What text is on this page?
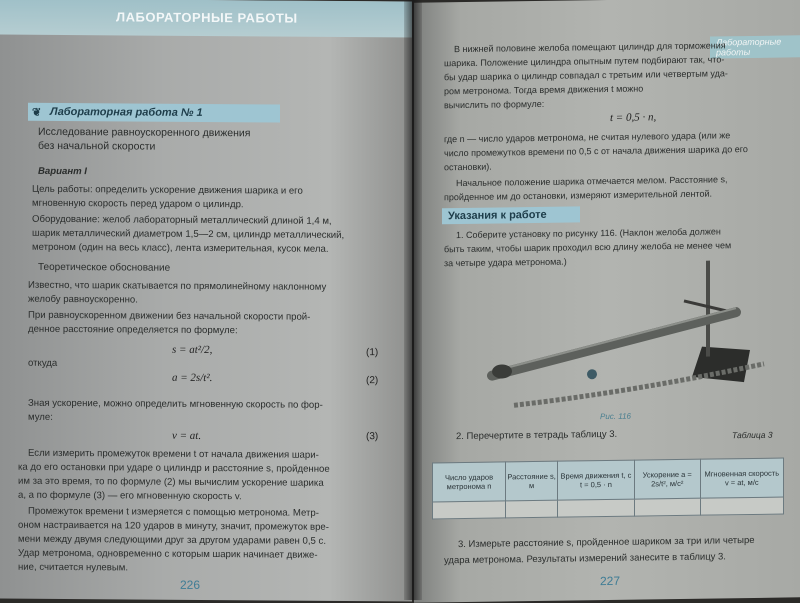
ЛАБОРАТОРНЫЕ РАБОТЫ
❦ Лабораторная работа № 1
Исследование равноускоренного движения
без начальной скорости
Вариант I
Цель работы: определить ускорение движения шарика и его
мгновенную скорость перед ударом о цилиндр.
Оборудование: желоб лабораторный металлический длиной 1,4 м,
шарик металлический диаметром 1,5—2 см, цилиндр металлический,
метроном (один на весь класс), лента измерительная, кусок мела.
Теоретическое обоснование
Известно, что шарик скатывается по прямолинейному наклонному
желобу равноускоренно.
При равноускоренном движении без начальной скорости прой-
денное расстояние определяется по формуле:
s = at²/2,	(1)
откуда
a = 2s/t².	(2)
Зная ускорение, можно определить мгновенную скорость по фор-
муле:
v = at.	(3)
Если измерить промежуток времени t от начала движения шари-
ка до его остановки при ударе о цилиндр и расстояние s, пройденное
им за это время, то по формуле (2) мы вычислим ускорение шарика
а, а по формуле (3) — его мгновенную скорость v.
Промежуток времени t измеряется с помощью метронома. Метр-
оном настраивается на 120 ударов в минуту, значит, промежуток вре-
мени между двумя следующими друг за другом ударами равен 0,5 с.
Удар метронома, одновременно с которым шарик начинает движе-
ние, считается нулевым.
226
Лабораторные работы
В нижней половине желоба помещают цилиндр для торможения
шарика. Положение цилиндра опытным путем подбирают так, что-
бы удар шарика о цилиндр совпадал с третьим или четвертым уда-
ром метронома. Тогда время движения t можно
вычислить по формуле:
t = 0,5 · n,
где n — число ударов метронома, не считая нулевого удара (или же
число промежутков времени по 0,5 с от начала движения шарика до его
остановки).
Начальное положение шарика отмечается мелом. Расстояние s,
пройденное им до остановки, измеряют измерительной лентой.
Указания к работе
1. Соберите установку по рисунку 116. (Наклон желоба должен
быть таким, чтобы шарик проходил всю длину желоба не менее чем
за четыре удара метронома.)
Рис. 116
2. Перечертите в тетрадь таблицу 3.	Таблица 3
Число ударов метронома n	Расстояние s, м	Время движения t, с t = 0,5 · n	Ускорение a = 2s/t², м/с²	Мгновенная скорость v = at, м/с

3. Измерьте расстояние s, пройденное шариком за три или четыре
удара метронома. Результаты измерений занесите в таблицу 3.
227
